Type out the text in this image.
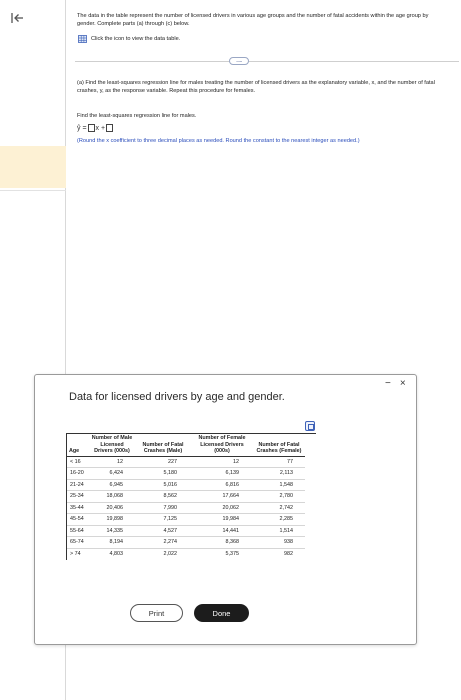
The data in the table represent the number of licensed drivers in various age groups and the number of fatal accidents within the age group by gender. Complete parts (a) through (c) below.

Click the icon to view the data table.
.....

(a) Find the least-squares regression line for males treating the number of licensed drivers as the explanatory variable, x, and the number of fatal crashes, y, as the response variable. Repeat this procedure for females.

Find the least-squares regression line for males.

ŷ = x +

(Round the x coefficient to three decimal places as needed. Round the constant to the nearest integer as needed.)

Data for licensed drivers by age and gender.
− ×
Age	Number of Male Licensed Drivers (000s)	Number of Fatal Crashes (Male)	Number of Female Licensed Drivers (000s)	Number of Fatal Crashes (Female)
< 16	12	227	12	77
16-20	6,424	5,180	6,139	2,113
21-24	6,945	5,016	6,816	1,548
25-34	18,068	8,562	17,664	2,780
35-44	20,406	7,990	20,062	2,742
45-54	19,898	7,125	19,984	2,285
55-64	14,335	4,527	14,441	1,514
65-74	8,194	2,274	8,368	938
> 74	4,803	2,022	5,375	982
Print	Done
